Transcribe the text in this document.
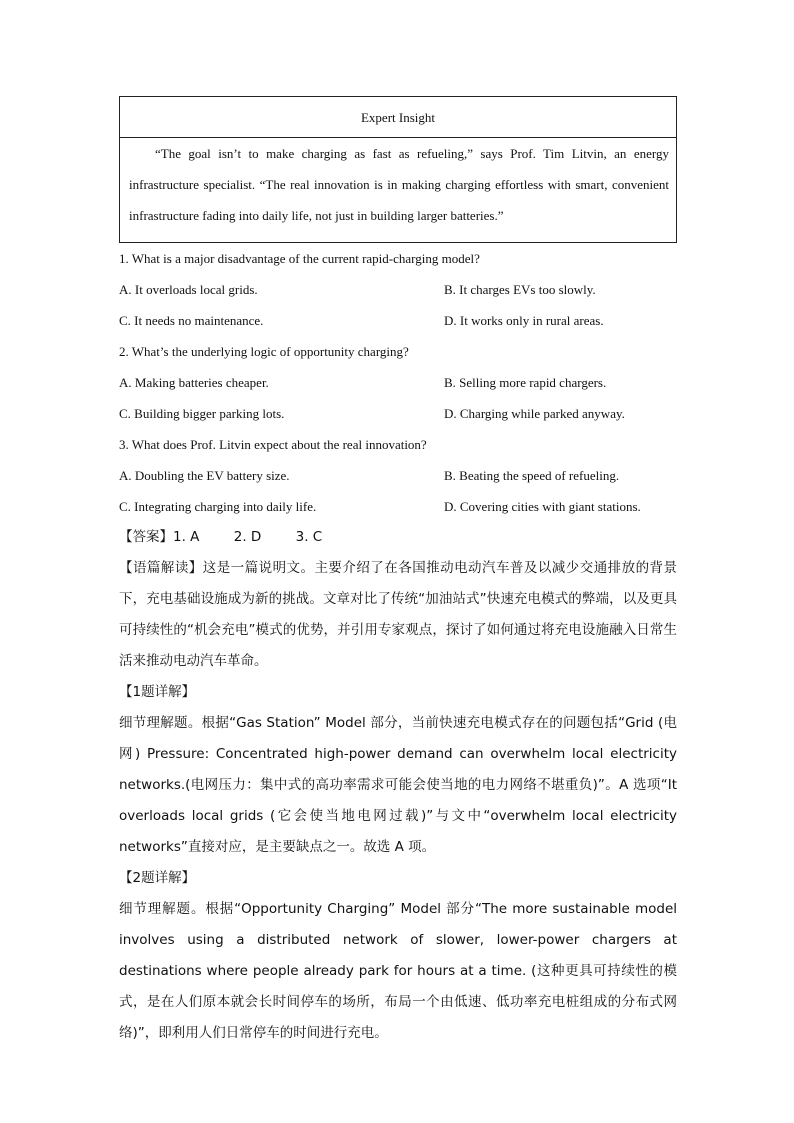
Expert Insight
“The goal isn’t to make charging as fast as refueling,” says Prof. Tim Litvin, an energy infrastructure specialist. “The real innovation is in making charging effortless with smart, convenient infrastructure fading into daily life, not just in building larger batteries.”
1. What is a major disadvantage of the current rapid-charging model?
A. It overloads local grids.	B. It charges EVs too slowly.
C. It needs no maintenance.	D. It works only in rural areas.
2. What’s the underlying logic of opportunity charging?
A. Making batteries cheaper.	B. Selling more rapid chargers.
C. Building bigger parking lots.	D. Charging while parked anyway.
3. What does Prof. Litvin expect about the real innovation?
A. Doubling the EV battery size.	B. Beating the speed of refueling.
C. Integrating charging into daily life.	D. Covering cities with giant stations.
【答案】1. A        2. D        3. C

【语篇解读】这是一篇说明文。主要介绍了在各国推动电动汽车普及以减少交通排放的背景下，充电基础设施成为新的挑战。文章对比了传统“加油站式”快速充电模式的弊端，以及更具可持续性的“机会充电”模式的优势，并引用专家观点，探讨了如何通过将充电设施融入日常生活来推动电动汽车革命。

【1题详解】

细节理解题。根据“Gas Station” Model 部分，当前快速充电模式存在的问题包括“Grid (电网) Pressure: Concentrated high-power demand can overwhelm local electricity networks.(电网压力：集中式的高功率需求可能会使当地的电力网络不堪重负)”。A 选项“It overloads local grids (它会使当地电网过载)”与文中“overwhelm local electricity networks”直接对应，是主要缺点之一。故选 A 项。

【2题详解】

细节理解题。根据“Opportunity Charging” Model 部分“The more sustainable model involves using a distributed network of slower, lower-power chargers at destinations where people already park for hours at a time. (这种更具可持续性的模式，是在人们原本就会长时间停车的场所，布局一个由低速、低功率充电桩组成的分布式网络)”，即利用人们日常停车的时间进行充电。
